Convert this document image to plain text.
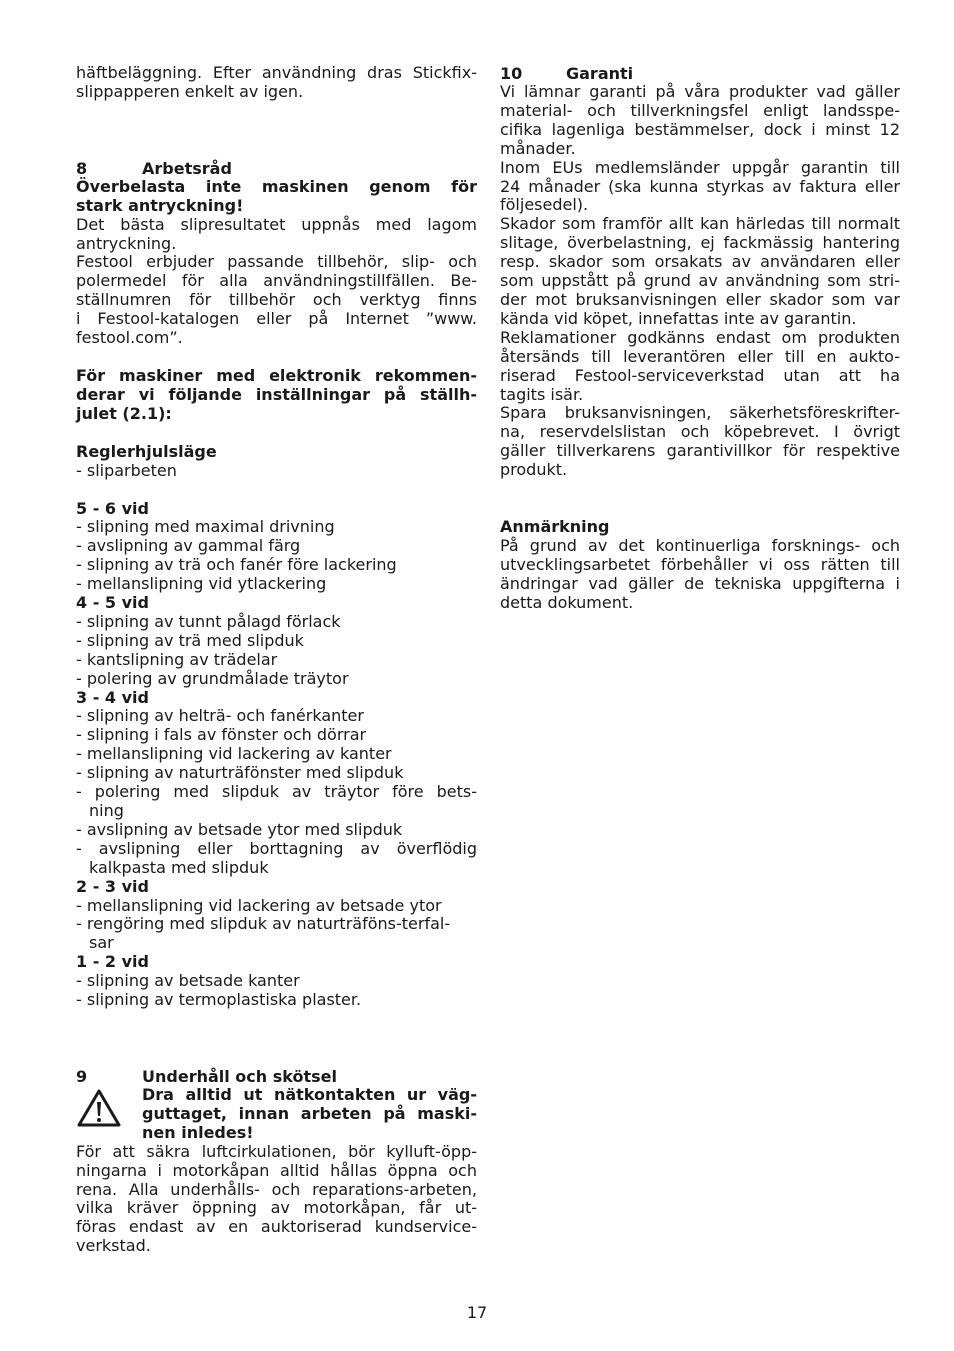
häftbeläggning. Efter användning dras Stickfix-

slippapperen enkelt av igen.

8	Arbetsråd

Överbelasta inte maskinen genom för

stark antryckning!

Det bästa slipresultatet uppnås med lagom

antryckning.

Festool erbjuder passande tillbehör, slip- och

polermedel för alla användningstillfällen. Be-

ställnumren för tillbehör och verktyg finns

i Festool-katalogen eller på Internet ”www.

festool.com”.

För maskiner med elektronik rekommen-

derar vi följande inställningar på ställh-

julet (2.1):

Reglerhjulsläge

- sliparbeten

5 - 6 vid

- slipning med maximal drivning
- avslipning av gammal färg
- slipning av trä och fanér före lackering
- mellanslipning vid ytlackering

4 - 5 vid

- slipning av tunnt pålagd förlack
- slipning av trä med slipduk
- kantslipning av trädelar
- polering av grundmålade träytor

3 - 4 vid

- slipning av helträ- och fanérkanter
- slipning i fals av fönster och dörrar
- mellanslipning vid lackering av kanter
- slipning av naturträfönster med slipduk
- polering med slipduk av träytor före bets- ning
- avslipning av betsade ytor med slipduk
- avslipning eller borttagning av överflödig kalkpasta med slipduk

2 - 3 vid

- mellanslipning vid lackering av betsade ytor
- rengöring med slipduk av naturträföns-terfal- sar

1 - 2 vid

- slipning av betsade kanter
- slipning av termoplastiska plaster.
9	Underhåll och skötsel

Dra alltid ut nätkontakten ur väg-

guttaget, innan arbeten på maski-

nen inledes!

För att säkra luftcirkulationen, bör kylluft-öpp-

ningarna i motorkåpan alltid hållas öppna och

rena. Alla underhålls- och reparations-arbeten,

vilka kräver öppning av motorkåpan, får ut-

föras endast av en auktoriserad kundservice-

verkstad.

10	Garanti

Vi lämnar garanti på våra produkter vad gäller

material- och tillverkningsfel enligt landsspe-

cifika lagenliga bestämmelser, dock i minst 12

månader.

Inom EUs medlemsländer uppgår garantin till

24 månader (ska kunna styrkas av faktura eller

följesedel).

Skador som framför allt kan härledas till normalt

slitage, överbelastning, ej fackmässig hantering

resp. skador som orsakats av användaren eller

som uppstått på grund av användning som stri-

der mot bruksanvisningen eller skador som var

kända vid köpet, innefattas inte av garantin.

Reklamationer godkänns endast om produkten

återsänds till leverantören eller till en aukto-

riserad Festool-serviceverkstad utan att ha

tagits isär.

Spara bruksanvisningen, säkerhetsföreskrifter-

na, reservdelslistan och köpebrevet. I övrigt

gäller tillverkarens garantivillkor för respektive

produkt.

Anmärkning

På grund av det kontinuerliga forsknings- och

utvecklingsarbetet förbehåller vi oss rätten till

ändringar vad gäller de tekniska uppgifterna i

detta dokument.

17
